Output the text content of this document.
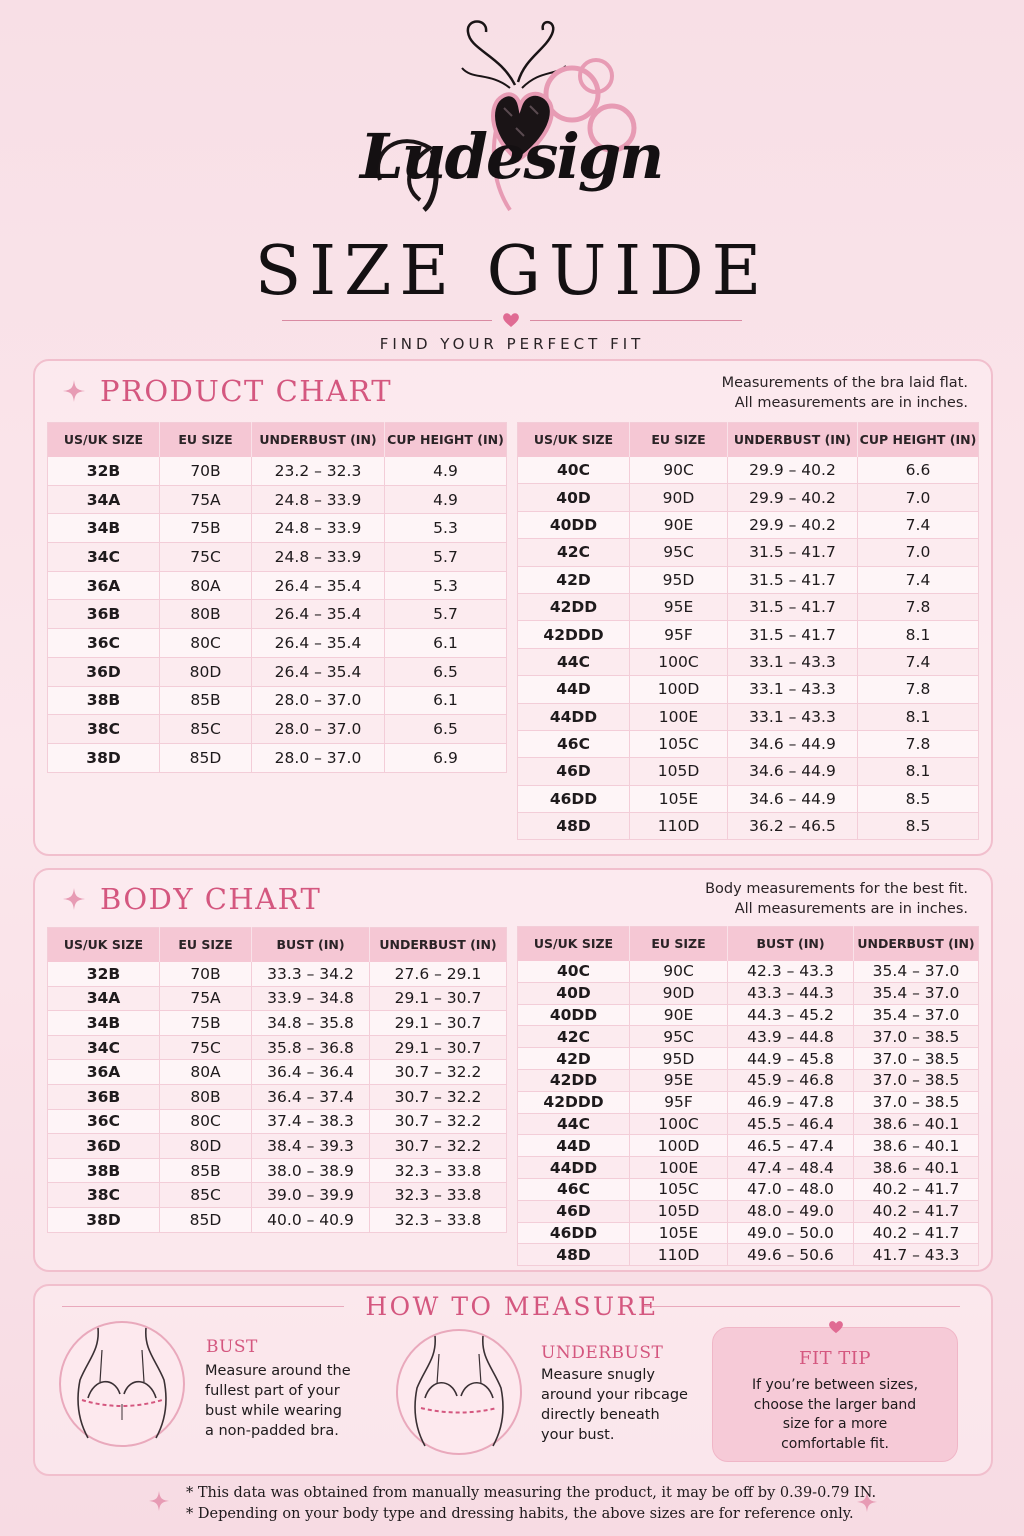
Ludesign
SIZE GUIDE
FIND YOUR PERFECT FIT
PRODUCT CHART	Measurements of the bra laid flat.
All measurements are in inches.
US/UK SIZE	EU SIZE	UNDERBUST (IN)	CUP HEIGHT (IN)
32B	70B	23.2 – 32.3	4.9
34A	75A	24.8 – 33.9	4.9
34B	75B	24.8 – 33.9	5.3
34C	75C	24.8 – 33.9	5.7
36A	80A	26.4 – 35.4	5.3
36B	80B	26.4 – 35.4	5.7
36C	80C	26.4 – 35.4	6.1
36D	80D	26.4 – 35.4	6.5
38B	85B	28.0 – 37.0	6.1
38C	85C	28.0 – 37.0	6.5
38D	85D	28.0 – 37.0	6.9
US/UK SIZE	EU SIZE	UNDERBUST (IN)	CUP HEIGHT (IN)
40C	90C	29.9 – 40.2	6.6
40D	90D	29.9 – 40.2	7.0
40DD	90E	29.9 – 40.2	7.4
42C	95C	31.5 – 41.7	7.0
42D	95D	31.5 – 41.7	7.4
42DD	95E	31.5 – 41.7	7.8
42DDD	95F	31.5 – 41.7	8.1
44C	100C	33.1 – 43.3	7.4
44D	100D	33.1 – 43.3	7.8
44DD	100E	33.1 – 43.3	8.1
46C	105C	34.6 – 44.9	7.8
46D	105D	34.6 – 44.9	8.1
46DD	105E	34.6 – 44.9	8.5
48D	110D	36.2 – 46.5	8.5
BODY CHART	Body measurements for the best fit.
All measurements are in inches.
US/UK SIZE	EU SIZE	BUST (IN)	UNDERBUST (IN)
32B	70B	33.3 – 34.2	27.6 – 29.1
34A	75A	33.9 – 34.8	29.1 – 30.7
34B	75B	34.8 – 35.8	29.1 – 30.7
34C	75C	35.8 – 36.8	29.1 – 30.7
36A	80A	36.4 – 36.4	30.7 – 32.2
36B	80B	36.4 – 37.4	30.7 – 32.2
36C	80C	37.4 – 38.3	30.7 – 32.2
36D	80D	38.4 – 39.3	30.7 – 32.2
38B	85B	38.0 – 38.9	32.3 – 33.8
38C	85C	39.0 – 39.9	32.3 – 33.8
38D	85D	40.0 – 40.9	32.3 – 33.8
US/UK SIZE	EU SIZE	BUST (IN)	UNDERBUST (IN)
40C	90C	42.3 – 43.3	35.4 – 37.0
40D	90D	43.3 – 44.3	35.4 – 37.0
40DD	90E	44.3 – 45.2	35.4 – 37.0
42C	95C	43.9 – 44.8	37.0 – 38.5
42D	95D	44.9 – 45.8	37.0 – 38.5
42DD	95E	45.9 – 46.8	37.0 – 38.5
42DDD	95F	46.9 – 47.8	37.0 – 38.5
44C	100C	45.5 – 46.4	38.6 – 40.1
44D	100D	46.5 – 47.4	38.6 – 40.1
44DD	100E	47.4 – 48.4	38.6 – 40.1
46C	105C	47.0 – 48.0	40.2 – 41.7
46D	105D	48.0 – 49.0	40.2 – 41.7
46DD	105E	49.0 – 50.0	40.2 – 41.7
48D	110D	49.6 – 50.6	41.7 – 43.3
HOW TO MEASURE
BUST
Measure around the
fullest part of your
bust while wearing
a non-padded bra.
UNDERBUST
Measure snugly
around your ribcage
directly beneath
your bust.
FIT TIP
If you’re between sizes,
choose the larger band
size for a more
comfortable fit.
* This data was obtained from manually measuring the product, it may be off by 0.39-0.79 IN.
* Depending on your body type and dressing habits, the above sizes are for reference only.
